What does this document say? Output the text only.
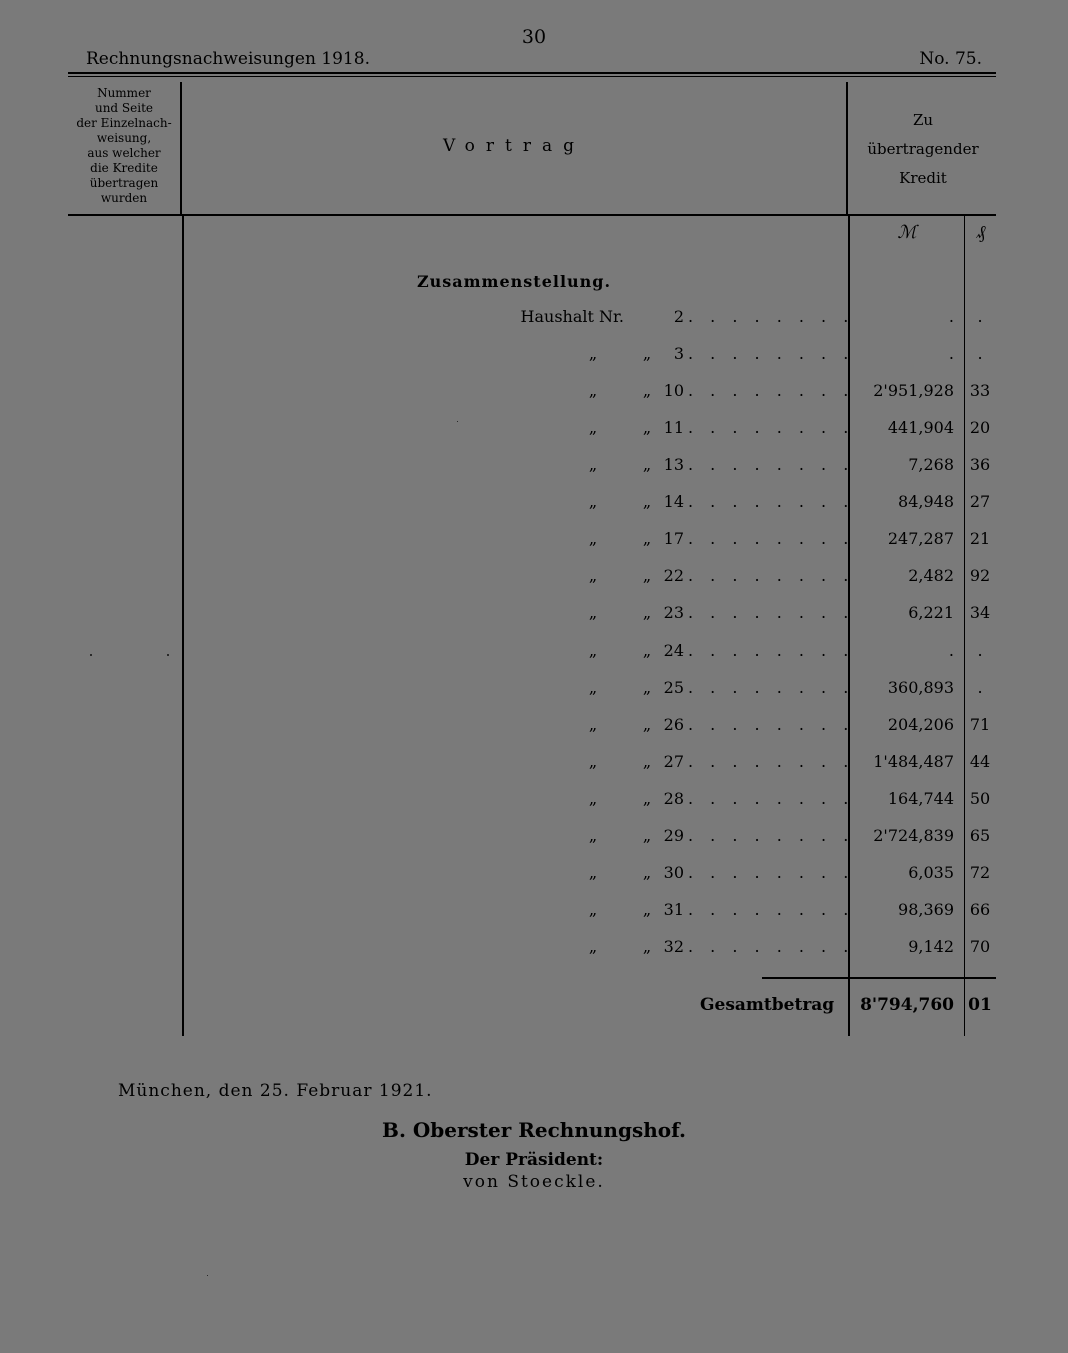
30
Rechnungsnachweisungen 1918.	No. 75.
Nummer
und Seite
der Einzelnach-
weisung,
aus welcher
die Kredite
übertragen
wurden
Vortrag
Zu
übertragender
Kredit
ℳ	₰
Zusammenstellung.
Haushalt Nr.	2 . . . . . . . .	.	.
„	„	3 . . . . . . . .	.	.
„	„ 10 . . . . . . . .	2'951,928 33
„	„ 11 . . . . . . . .	441,904 20
„	„ 13 . . . . . . . .	7,268 36
„	„ 14 . . . . . . . .	84,948 27
„	„ 17 . . . . . . . .	247,287 21
„	„ 22 . . . . . . . .	2,482 92
„	„ 23 . . . . . . . .	6,221 34
„	„ 24 . . . . . . . .	.	.
„	„ 25 . . . . . . . .	360,893	.
„	„ 26 . . . . . . . .	204,206 71
„	„ 27 . . . . . . . .	1'484,487 44
„	„ 28 . . . . . . . .	164,744 50
„	„ 29 . . . . . . . .	2'724,839 65
„	„ 30 . . . . . . . .	6,035 72
„	„ 31 . . . . . . . .	98,369 66
„	„ 32 . . . . . . . .	9,142 70
Gesamtbetrag	8'794,760 01
München, den 25. Februar 1921.
B. Oberster Rechnungshof.
Der Präsident:
von Stoeckle.
